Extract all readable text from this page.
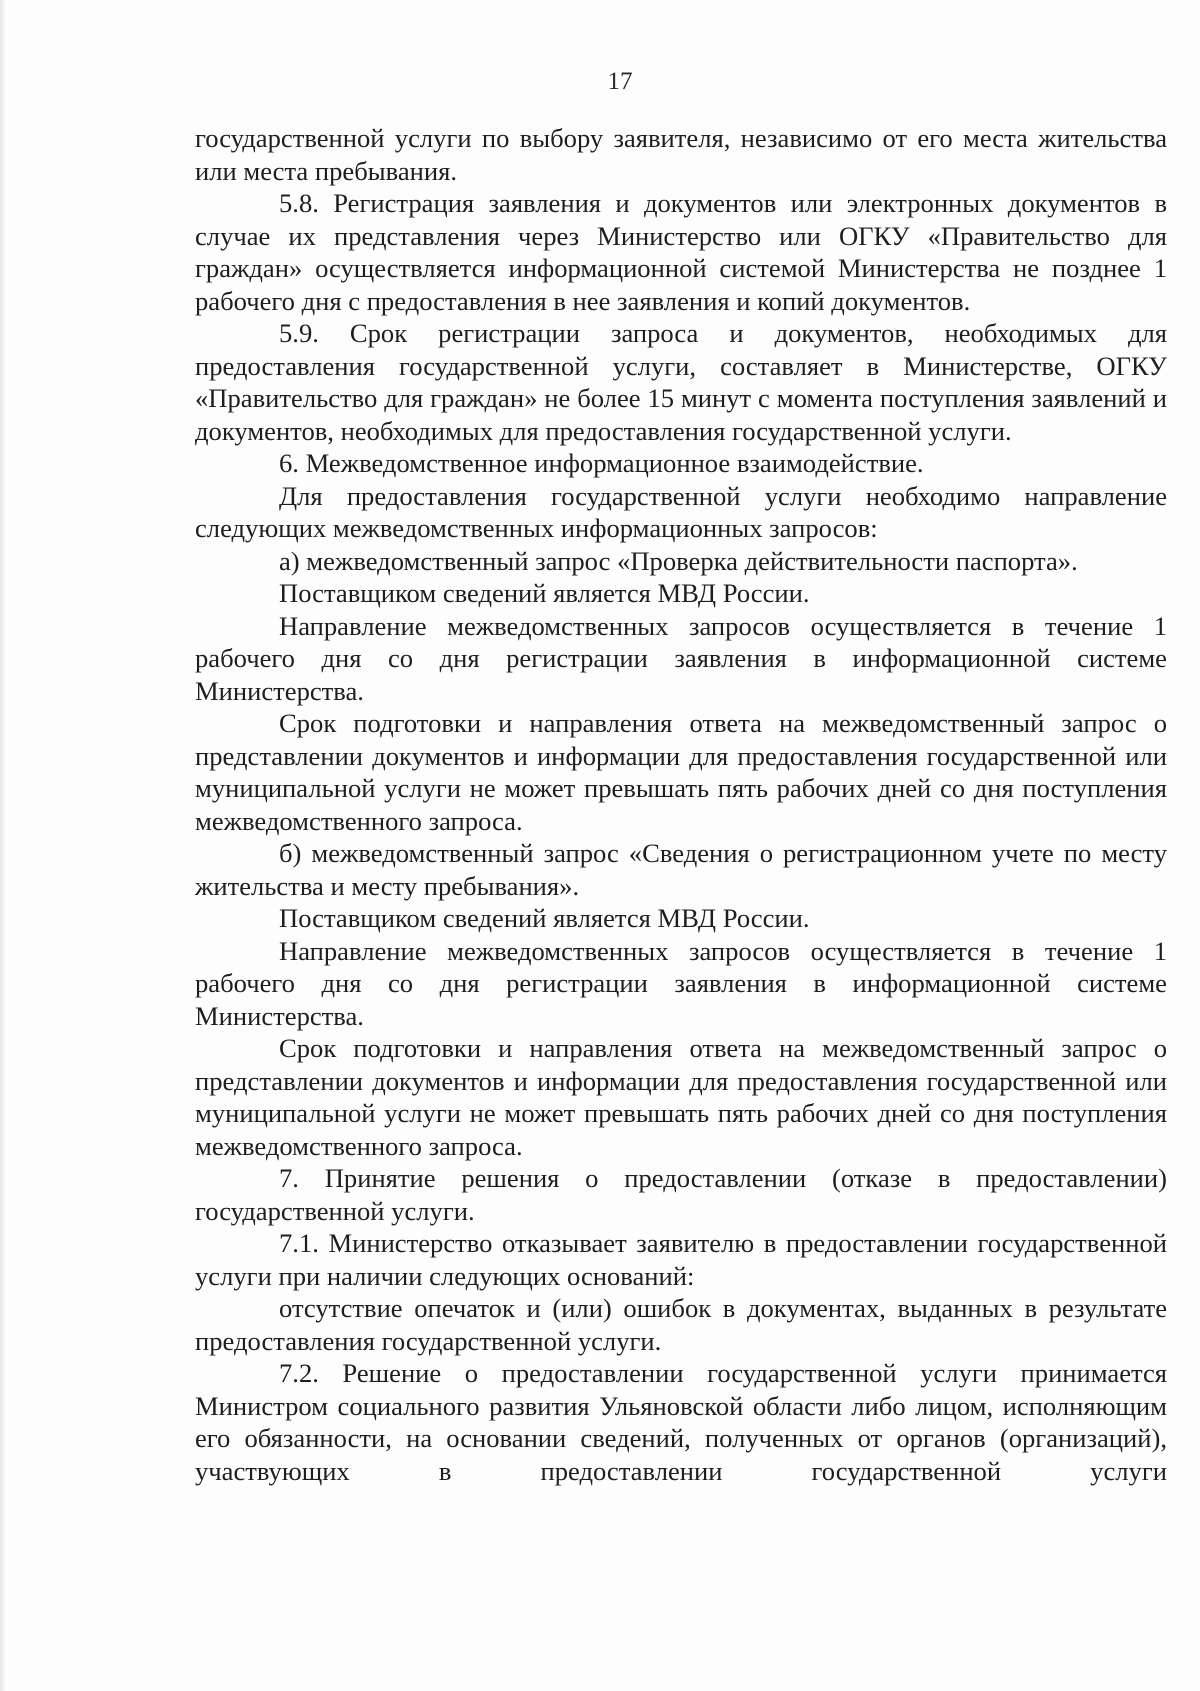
17

государственной услуги по выбору заявителя, независимо от его места жительства или места пребывания.

5.8. Регистрация заявления и документов или электронных документов в случае их представления через Министерство или ОГКУ «Правительство для граждан» осуществляется информационной системой Министерства не позднее 1 рабочего дня с предоставления в нее заявления и копий документов.

5.9. Срок регистрации запроса и документов, необходимых для предоставления государственной услуги, составляет в Министерстве, ОГКУ «Правительство для граждан» не более 15 минут с момента поступления заявлений и документов, необходимых для предоставления государственной услуги.

6. Межведомственное информационное взаимодействие.

Для предоставления государственной услуги необходимо направление следующих межведомственных информационных запросов:

а) межведомственный запрос «Проверка действительности паспорта».

Поставщиком сведений является МВД России.

Направление межведомственных запросов осуществляется в течение 1 рабочего дня со дня регистрации заявления в информационной системе Министерства.

Срок подготовки и направления ответа на межведомственный запрос о представлении документов и информации для предоставления государственной или муниципальной услуги не может превышать пять рабочих дней со дня поступления межведомственного запроса.

б) межведомственный запрос «Сведения о регистрационном учете по месту жительства и месту пребывания».

Поставщиком сведений является МВД России.

Направление межведомственных запросов осуществляется в течение 1 рабочего дня со дня регистрации заявления в информационной системе Министерства.

Срок подготовки и направления ответа на межведомственный запрос о представлении документов и информации для предоставления государственной или муниципальной услуги не может превышать пять рабочих дней со дня поступления межведомственного запроса.

7. Принятие решения о предоставлении (отказе в предоставлении) государственной услуги.

7.1. Министерство отказывает заявителю в предоставлении государственной услуги при наличии следующих оснований:

отсутствие опечаток и (или) ошибок в документах, выданных в результате предоставления государственной услуги.

7.2. Решение о предоставлении государственной услуги принимается Министром социального развития Ульяновской области либо лицом, исполняющим его обязанности, на основании сведений, полученных от органов (организаций), участвующих в предоставлении государственной услуги
